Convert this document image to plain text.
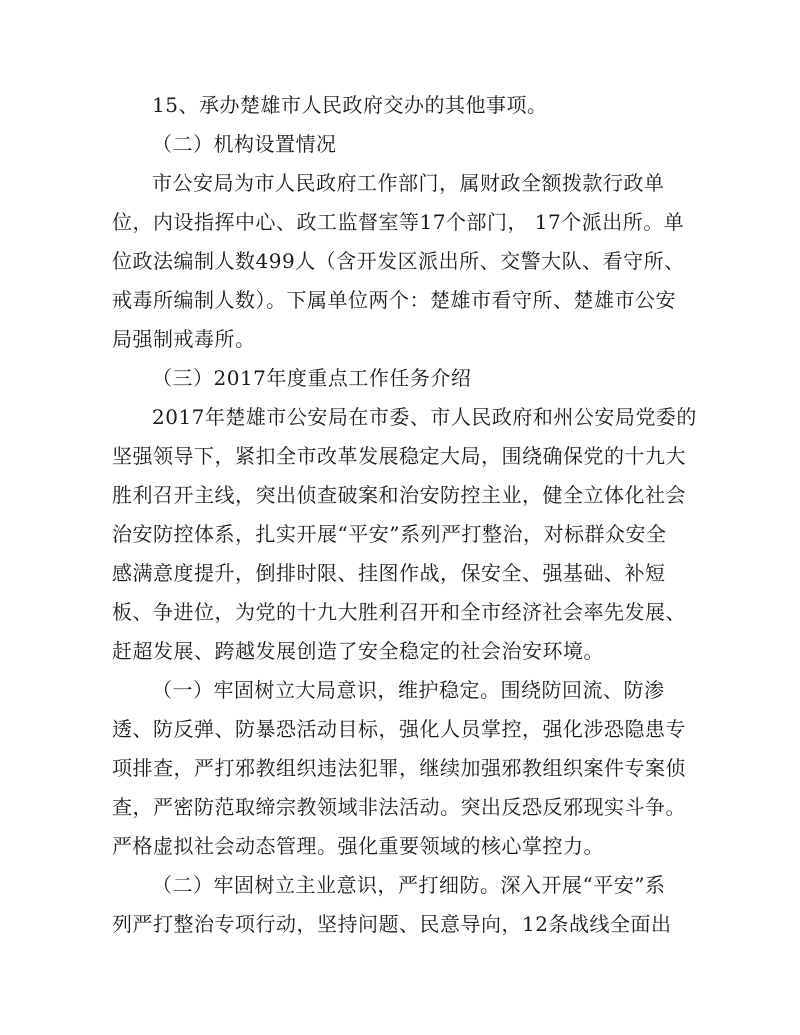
15、承办楚雄市人民政府交办的其他事项。
（二）机构设置情况
市公安局为市人民政府工作部门，属财政全额拨款行政单
位，内设指挥中心、政工监督室等17个部门， 17个派出所。单
位政法编制人数499人（含开发区派出所、交警大队、看守所、
戒毒所编制人数）。下属单位两个：楚雄市看守所、楚雄市公安
局强制戒毒所。
（三）2017年度重点工作任务介绍
2017年楚雄市公安局在市委、市人民政府和州公安局党委的
坚强领导下，紧扣全市改革发展稳定大局，围绕确保党的十九大
胜利召开主线，突出侦查破案和治安防控主业，健全立体化社会
治安防控体系，扎实开展“平安”系列严打整治，对标群众安全
感满意度提升，倒排时限、挂图作战，保安全、强基础、补短
板、争进位，为党的十九大胜利召开和全市经济社会率先发展、
赶超发展、跨越发展创造了安全稳定的社会治安环境。
（一）牢固树立大局意识，维护稳定。围绕防回流、防渗
透、防反弹、防暴恐活动目标，强化人员掌控，强化涉恐隐患专
项排查，严打邪教组织违法犯罪，继续加强邪教组织案件专案侦
查，严密防范取缔宗教领域非法活动。突出反恐反邪现实斗争。
严格虚拟社会动态管理。强化重要领域的核心掌控力。
（二）牢固树立主业意识，严打细防。深入开展“平安”系
列严打整治专项行动，坚持问题、民意导向，12条战线全面出
